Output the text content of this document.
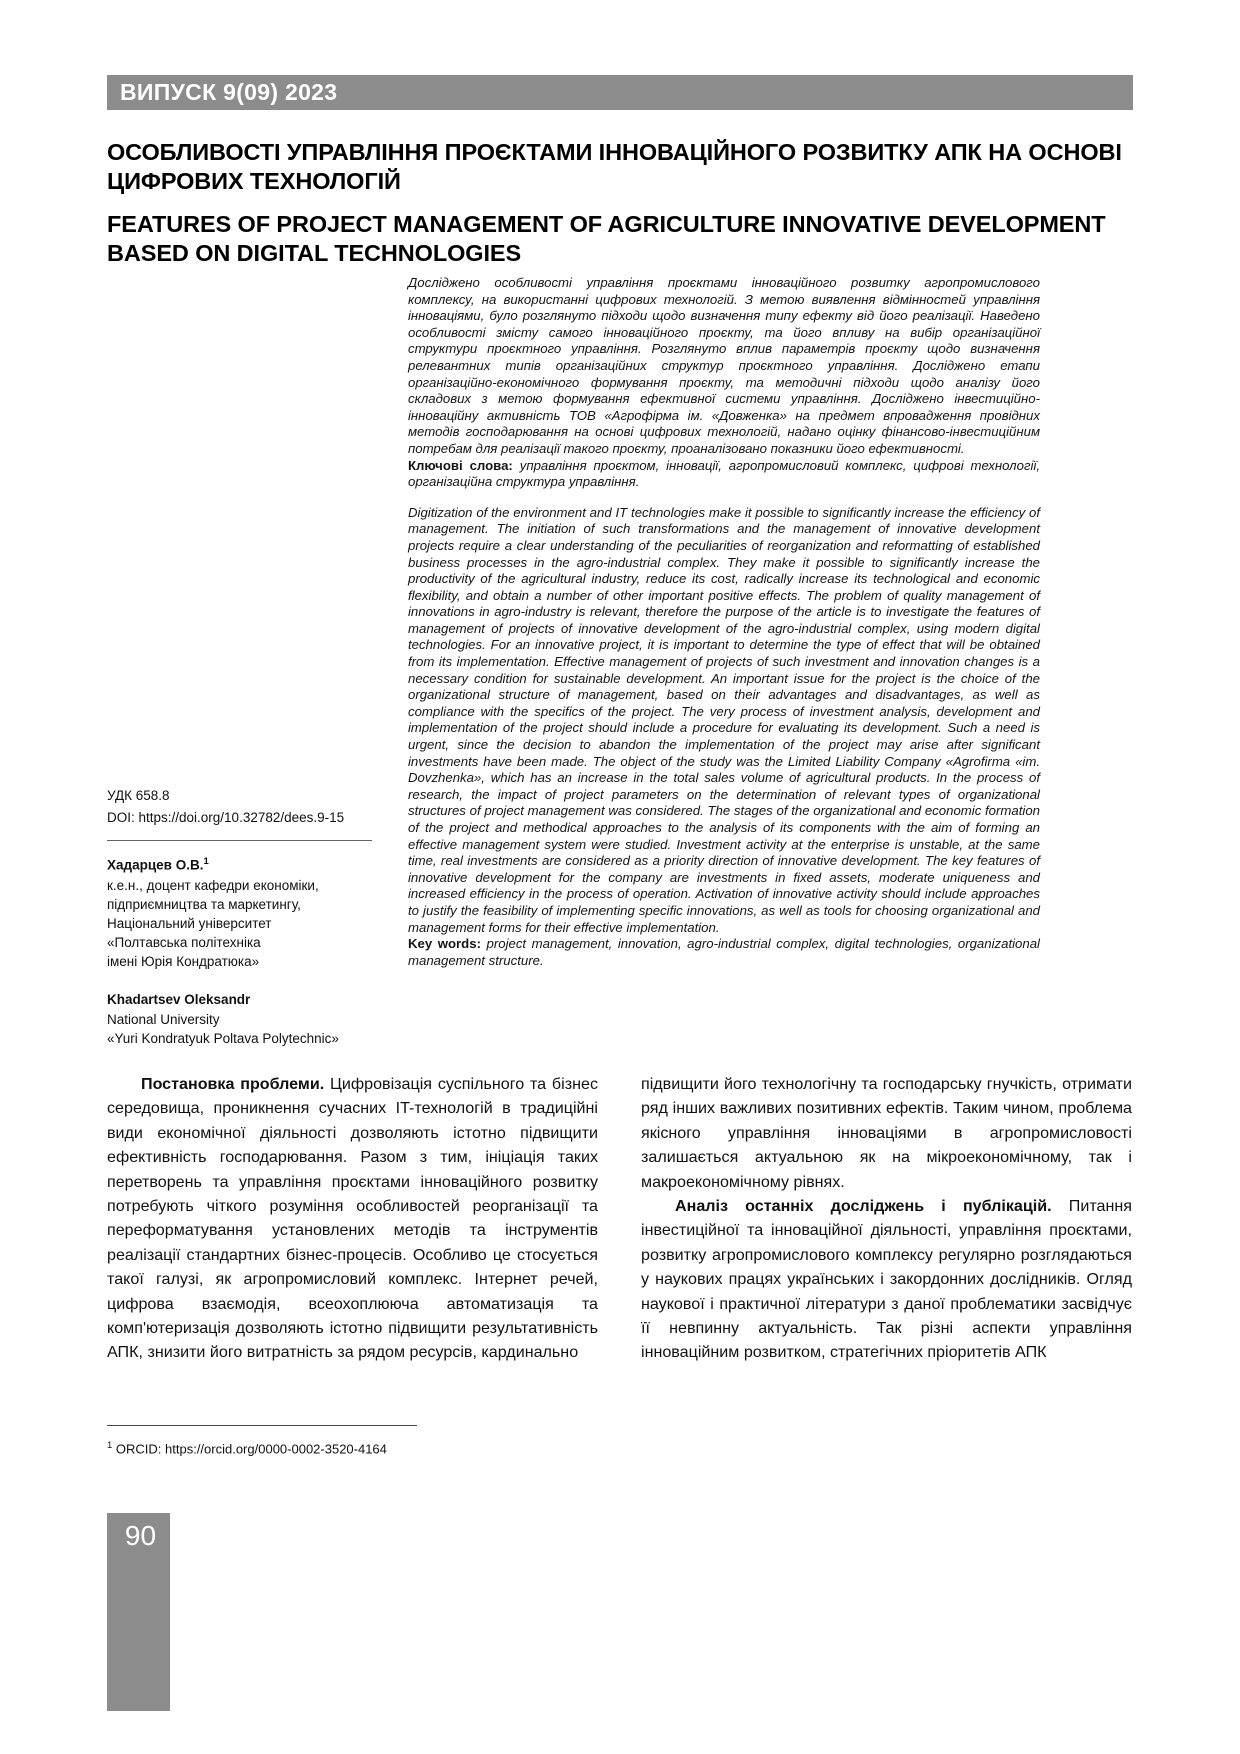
ВИПУСК 9(09) 2023
ОСОБЛИВОСТІ УПРАВЛІННЯ ПРОЄКТАМИ ІННОВАЦІЙНОГО РОЗВИТКУ АПК НА ОСНОВІ ЦИФРОВИХ ТЕХНОЛОГІЙ
FEATURES OF PROJECT MANAGEMENT OF AGRICULTURE INNOVATIVE DEVELOPMENT BASED ON DIGITAL TECHNOLOGIES

УДК 658.8

DOI: https://doi.org/10.32782/dees.9-15

Хадарцев О.В.$^1$

к.е.н., доцент кафедри економіки,

підприємництва та маркетингу,

Національний університет

«Полтавська політехніка

імені Юрія Кондратюка»

Khadartsev Oleksandr

National University

«Yuri Kondratyuk Poltava Polytechnic»

Досліджено особливості управління проєктами інноваційного розвитку агропромислового комплексу, на використанні цифрових технологій. З метою виявлення відмінностей управління інноваціями, було розглянуто підходи щодо визначення типу ефекту від його реалізації. Наведено особливості змісту самого інноваційного проєкту, та його впливу на вибір організаційної структури проєктного управління. Розглянуто вплив параметрів проєкту щодо визначення релевантних типів організаційних структур проєктного управління. Досліджено етапи організаційно-економічного формування проєкту, та методичні підходи щодо аналізу його складових з метою формування ефективної системи управління. Досліджено інвестиційно-інноваційну активність ТОВ «Агрофірма ім. «Довженка» на предмет впровадження провідних методів господарювання на основі цифрових технологій, надано оцінку фінансово-інвестиційним потребам для реалізації такого проєкту, проаналізовано показники його ефективності.

Ключові слова: управління проєктом, інновації, агропромисловий комплекс, цифрові технології, організаційна структура управління.

Digitization of the environment and IT technologies make it possible to significantly increase the efficiency of management. The initiation of such transformations and the management of innovative development projects require a clear understanding of the peculiarities of reorganization and reformatting of established business processes in the agro-industrial complex. They make it possible to significantly increase the productivity of the agricultural industry, reduce its cost, radically increase its technological and economic flexibility, and obtain a number of other important positive effects. The problem of quality management of innovations in agro-industry is relevant, therefore the purpose of the article is to investigate the features of management of projects of innovative development of the agro-industrial complex, using modern digital technologies. For an innovative project, it is important to determine the type of effect that will be obtained from its implementation. Effective management of projects of such investment and innovation changes is a necessary condition for sustainable development. An important issue for the project is the choice of the organizational structure of management, based on their advantages and disadvantages, as well as compliance with the specifics of the project. The very process of investment analysis, development and implementation of the project should include a procedure for evaluating its development. Such a need is urgent, since the decision to abandon the implementation of the project may arise after significant investments have been made. The object of the study was the Limited Liability Company «Agrofirma «im. Dovzhenka», which has an increase in the total sales volume of agricultural products. In the process of research, the impact of project parameters on the determination of relevant types of organizational structures of project management was considered. The stages of the organizational and economic formation of the project and methodical approaches to the analysis of its components with the aim of forming an effective management system were studied. Investment activity at the enterprise is unstable, at the same time, real investments are considered as a priority direction of innovative development. The key features of innovative development for the company are investments in fixed assets, moderate uniqueness and increased efficiency in the process of operation. Activation of innovative activity should include approaches to justify the feasibility of implementing specific innovations, as well as tools for choosing organizational and management forms for their effective implementation.

Key words: project management, innovation, agro-industrial complex, digital technologies, organizational management structure.

Постановка проблеми. Цифровізація суспільного та бізнес середовища, проникнення сучасних IT-технологій в традиційні види економічної діяльності дозволяють істотно підвищити ефективність господарювання. Разом з тим, ініціація таких перетворень та управління проєктами інноваційного розвитку потребують чіткого розуміння особливостей реорганізації та переформатування установлених методів та інструментів реалізації стандартних бізнес-процесів. Особливо це стосується такої галузі, як агропромисловий комплекс. Інтернет речей, цифрова взаємодія, всеохоплююча автоматизація та комп'ютеризація дозволяють істотно підвищити результативність АПК, знизити його витратність за рядом ресурсів, кардинально

підвищити його технологічну та господарську гнучкість, отримати ряд інших важливих позитивних ефектів. Таким чином, проблема якісного управління інноваціями в агропромисловості залишається актуальною як на мікроекономічному, так і макроекономічному рівнях.

Аналіз останніх досліджень і публікацій. Питання інвестиційної та інноваційної діяльності, управління проєктами, розвитку агропромислового комплексу регулярно розглядаються у наукових працях українських і закордонних дослідників. Огляд наукової і практичної літератури з даної проблематики засвідчує її невпинну актуальність. Так різні аспекти управління інноваційним розвитком, стратегічних пріоритетів АПК

$^1$ ORCID: https://orcid.org/0000-0002-3520-4164
90
